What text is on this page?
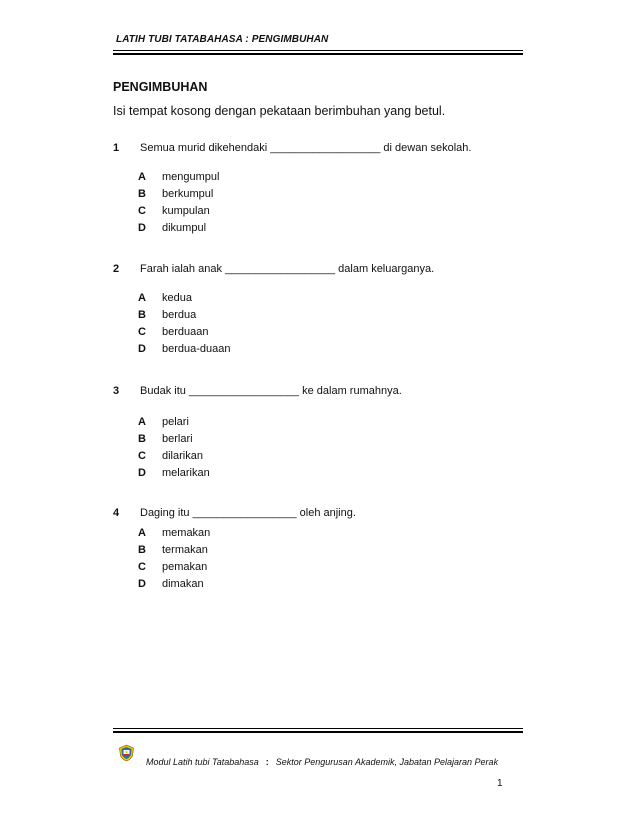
LATIH TUBI TATABAHASA : PENGIMBUHAN
PENGIMBUHAN
Isi tempat kosong dengan pekataan berimbuhan yang betul.
1 Semua murid dikehendaki __________________ di dewan sekolah.
A mengumpul
B berkumpul
C kumpulan
D dikumpul
2 Farah ialah anak __________________ dalam keluarganya.
A kedua
B berdua
C berduaan
D berdua-duaan
3 Budak itu __________________ ke dalam rumahnya.
A pelari
B berlari
C dilarikan
D melarikan
4 Daging itu _________________ oleh anjing.
A memakan
B termakan
C pemakan
D dimakan
Modul Latih tubi Tatabahasa : Sektor Pengurusan Akademik, Jabatan Pelajaran Perak
1
